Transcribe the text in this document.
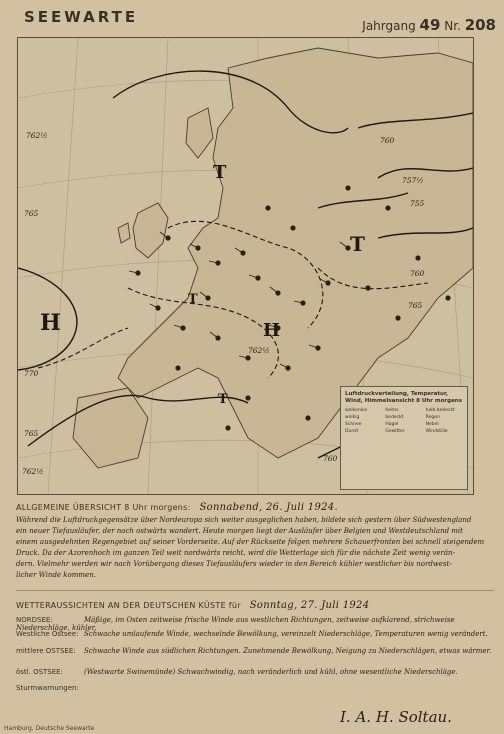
SEEWARTE	Jahrgang 49 Nr. 208
H	H
T
T
T
T
762½
765
770
765
762½
760
757½
755
760
765
762½
760
Luftdruckverteilung, Temperatur, Wind, Himmelsansicht 8 Uhr morgens
wolkenlos	heiter	halb bedeckt
wolkig	bedeckt	Regen
Schnee	Hagel	Nebel
Dunst	Gewitter	Windstille
ALLGEMEINE ÜBERSICHT 8 Uhr morgens: Sonnabend, 26. Juli 1924.
Während die Luftdruckgegensätze über Nordeuropa sich weiter ausgeglichen haben, bildete sich gestern über Südwestengland
ein neuer Tiefausläufer, der nach ostwärts wandert. Heute morgen liegt der Ausläufer über Belgien und Westdeutschland mit
einem ausgedehnten Regengebiet auf seiner Vorderseite. Auf der Rückseite folgen mehrere Schauerfronten bei schnell steigendem
Druck. Da der Azorenhoch im ganzen Teil weit nordwärts reicht, wird die Wetterlage sich für die nächste Zeit wenig verän-
dern. Vielmehr werden wir nach Vorübergang dieses Tiefausläufers wieder in den Bereich kühler westlicher bis nordwest-
licher Winde kommen.
WETTERAUSSICHTEN AN DER DEUTSCHEN KÜSTE für Sonntag, 27. Juli 1924
NORDSEE:	Mäßige, im Osten zeitweise frische Winde aus westlichen Richtungen, zeitweise aufklarend, strichweise Niederschläge, kühler.
Westliche Ostsee: Schwache umlaufende Winde, wechselnde Bewölkung, vereinzelt Niederschläge, Temperaturen wenig verändert.
mittlere OSTSEE: Schwache Winde aus südlichen Richtungen. Zunehmende Bewölkung, Neigung zu Niederschlägen, etwas wärmer.
östl. OSTSEE:	(Westwarte Swinemünde) Schwachwindig, nach veränderlich und kühl, ohne wesentliche Niederschläge.
Sturmwarnungen:
I. A. H. Soltau.
Hamburg, Deutsche Seewarte
